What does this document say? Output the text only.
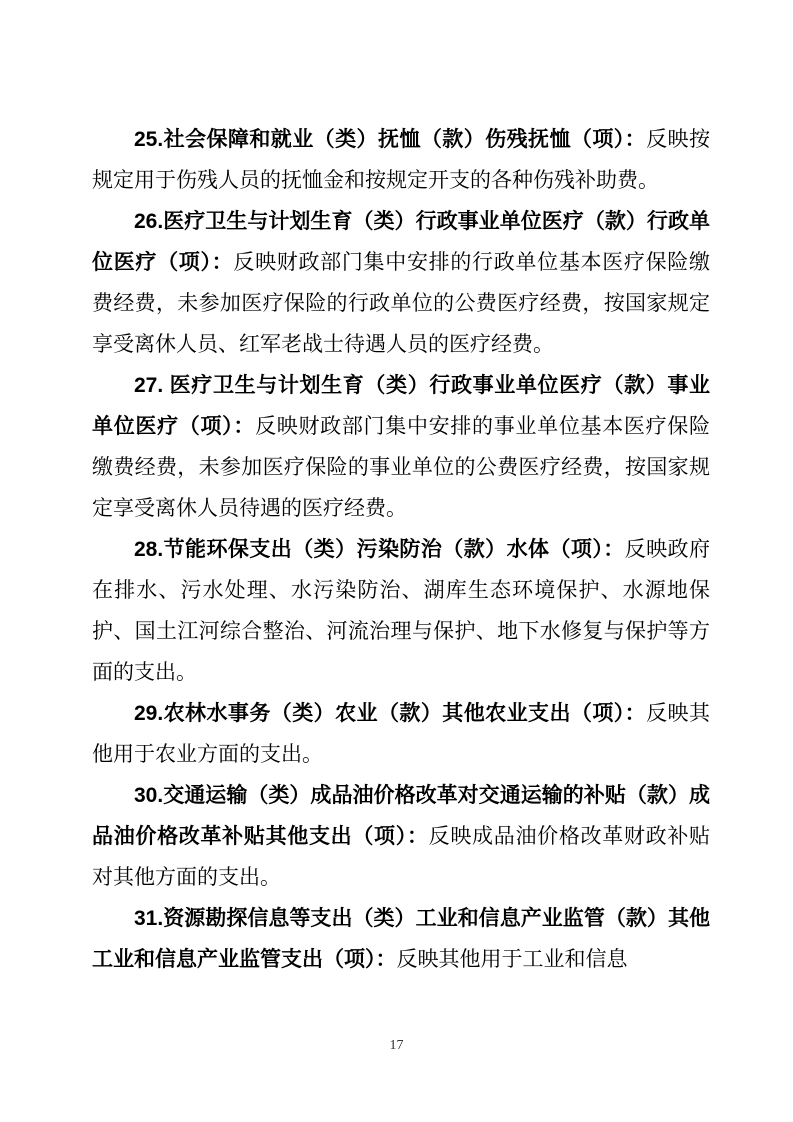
25.社会保障和就业（类）抚恤（款）伤残抚恤（项）：反映按规定用于伤残人员的抚恤金和按规定开支的各种伤残补助费。

26.医疗卫生与计划生育（类）行政事业单位医疗（款）行政单位医疗（项）：反映财政部门集中安排的行政单位基本医疗保险缴费经费，未参加医疗保险的行政单位的公费医疗经费，按国家规定享受离休人员、红军老战士待遇人员的医疗经费。

27. 医疗卫生与计划生育（类）行政事业单位医疗（款）事业单位医疗（项）：反映财政部门集中安排的事业单位基本医疗保险缴费经费，未参加医疗保险的事业单位的公费医疗经费，按国家规定享受离休人员待遇的医疗经费。

28.节能环保支出（类）污染防治（款）水体（项）：反映政府在排水、污水处理、水污染防治、湖库生态环境保护、水源地保护、国土江河综合整治、河流治理与保护、地下水修复与保护等方面的支出。

29.农林水事务（类）农业（款）其他农业支出（项）：反映其他用于农业方面的支出。

30.交通运输（类）成品油价格改革对交通运输的补贴（款）成品油价格改革补贴其他支出（项）：反映成品油价格改革财政补贴对其他方面的支出。

31.资源勘探信息等支出（类）工业和信息产业监管（款）其他工业和信息产业监管支出（项）：反映其他用于工业和信息

17
